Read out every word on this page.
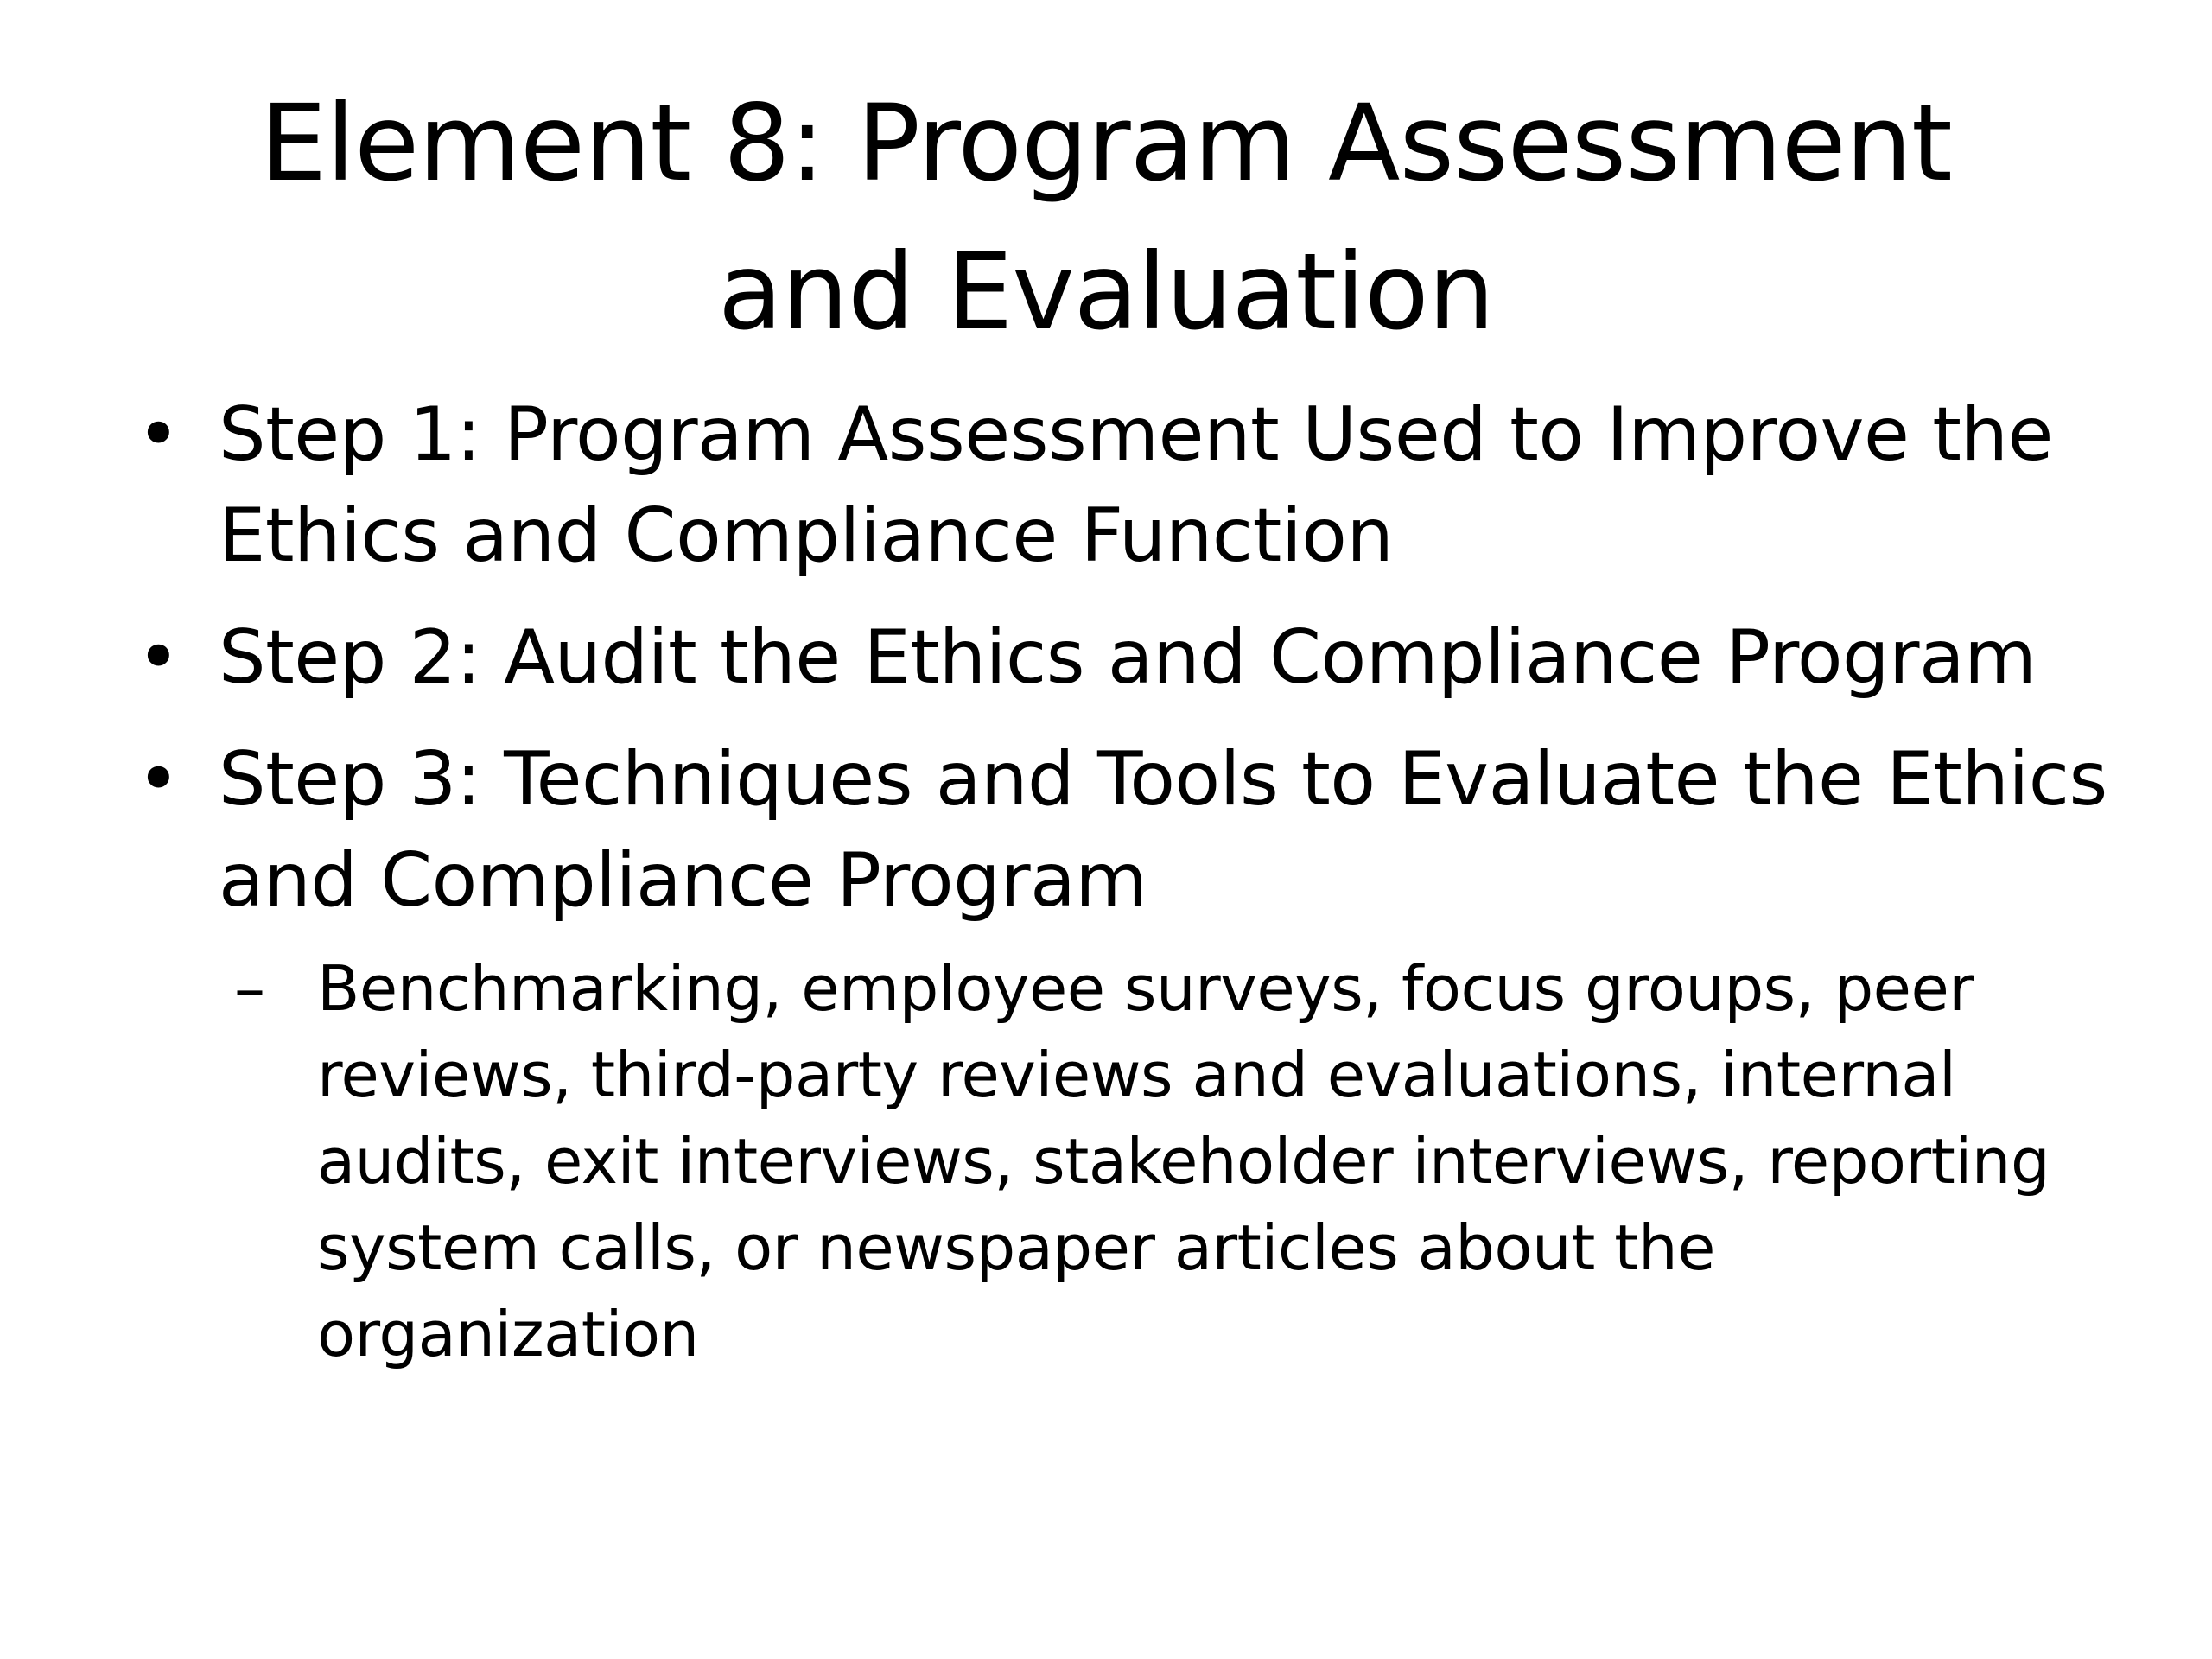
Element 8: Program Assessment and Evaluation
• Step 1: Program Assessment Used to Improve the Ethics and Compliance Function
• Step 2: Audit the Ethics and Compliance Program
• Step 3: Techniques and Tools to Evaluate the Ethics and Compliance Program
– Benchmarking, employee surveys, focus groups, peer reviews, third-party reviews and evaluations, internal audits, exit interviews, stakeholder interviews, reporting system calls, or newspaper articles about the organization
